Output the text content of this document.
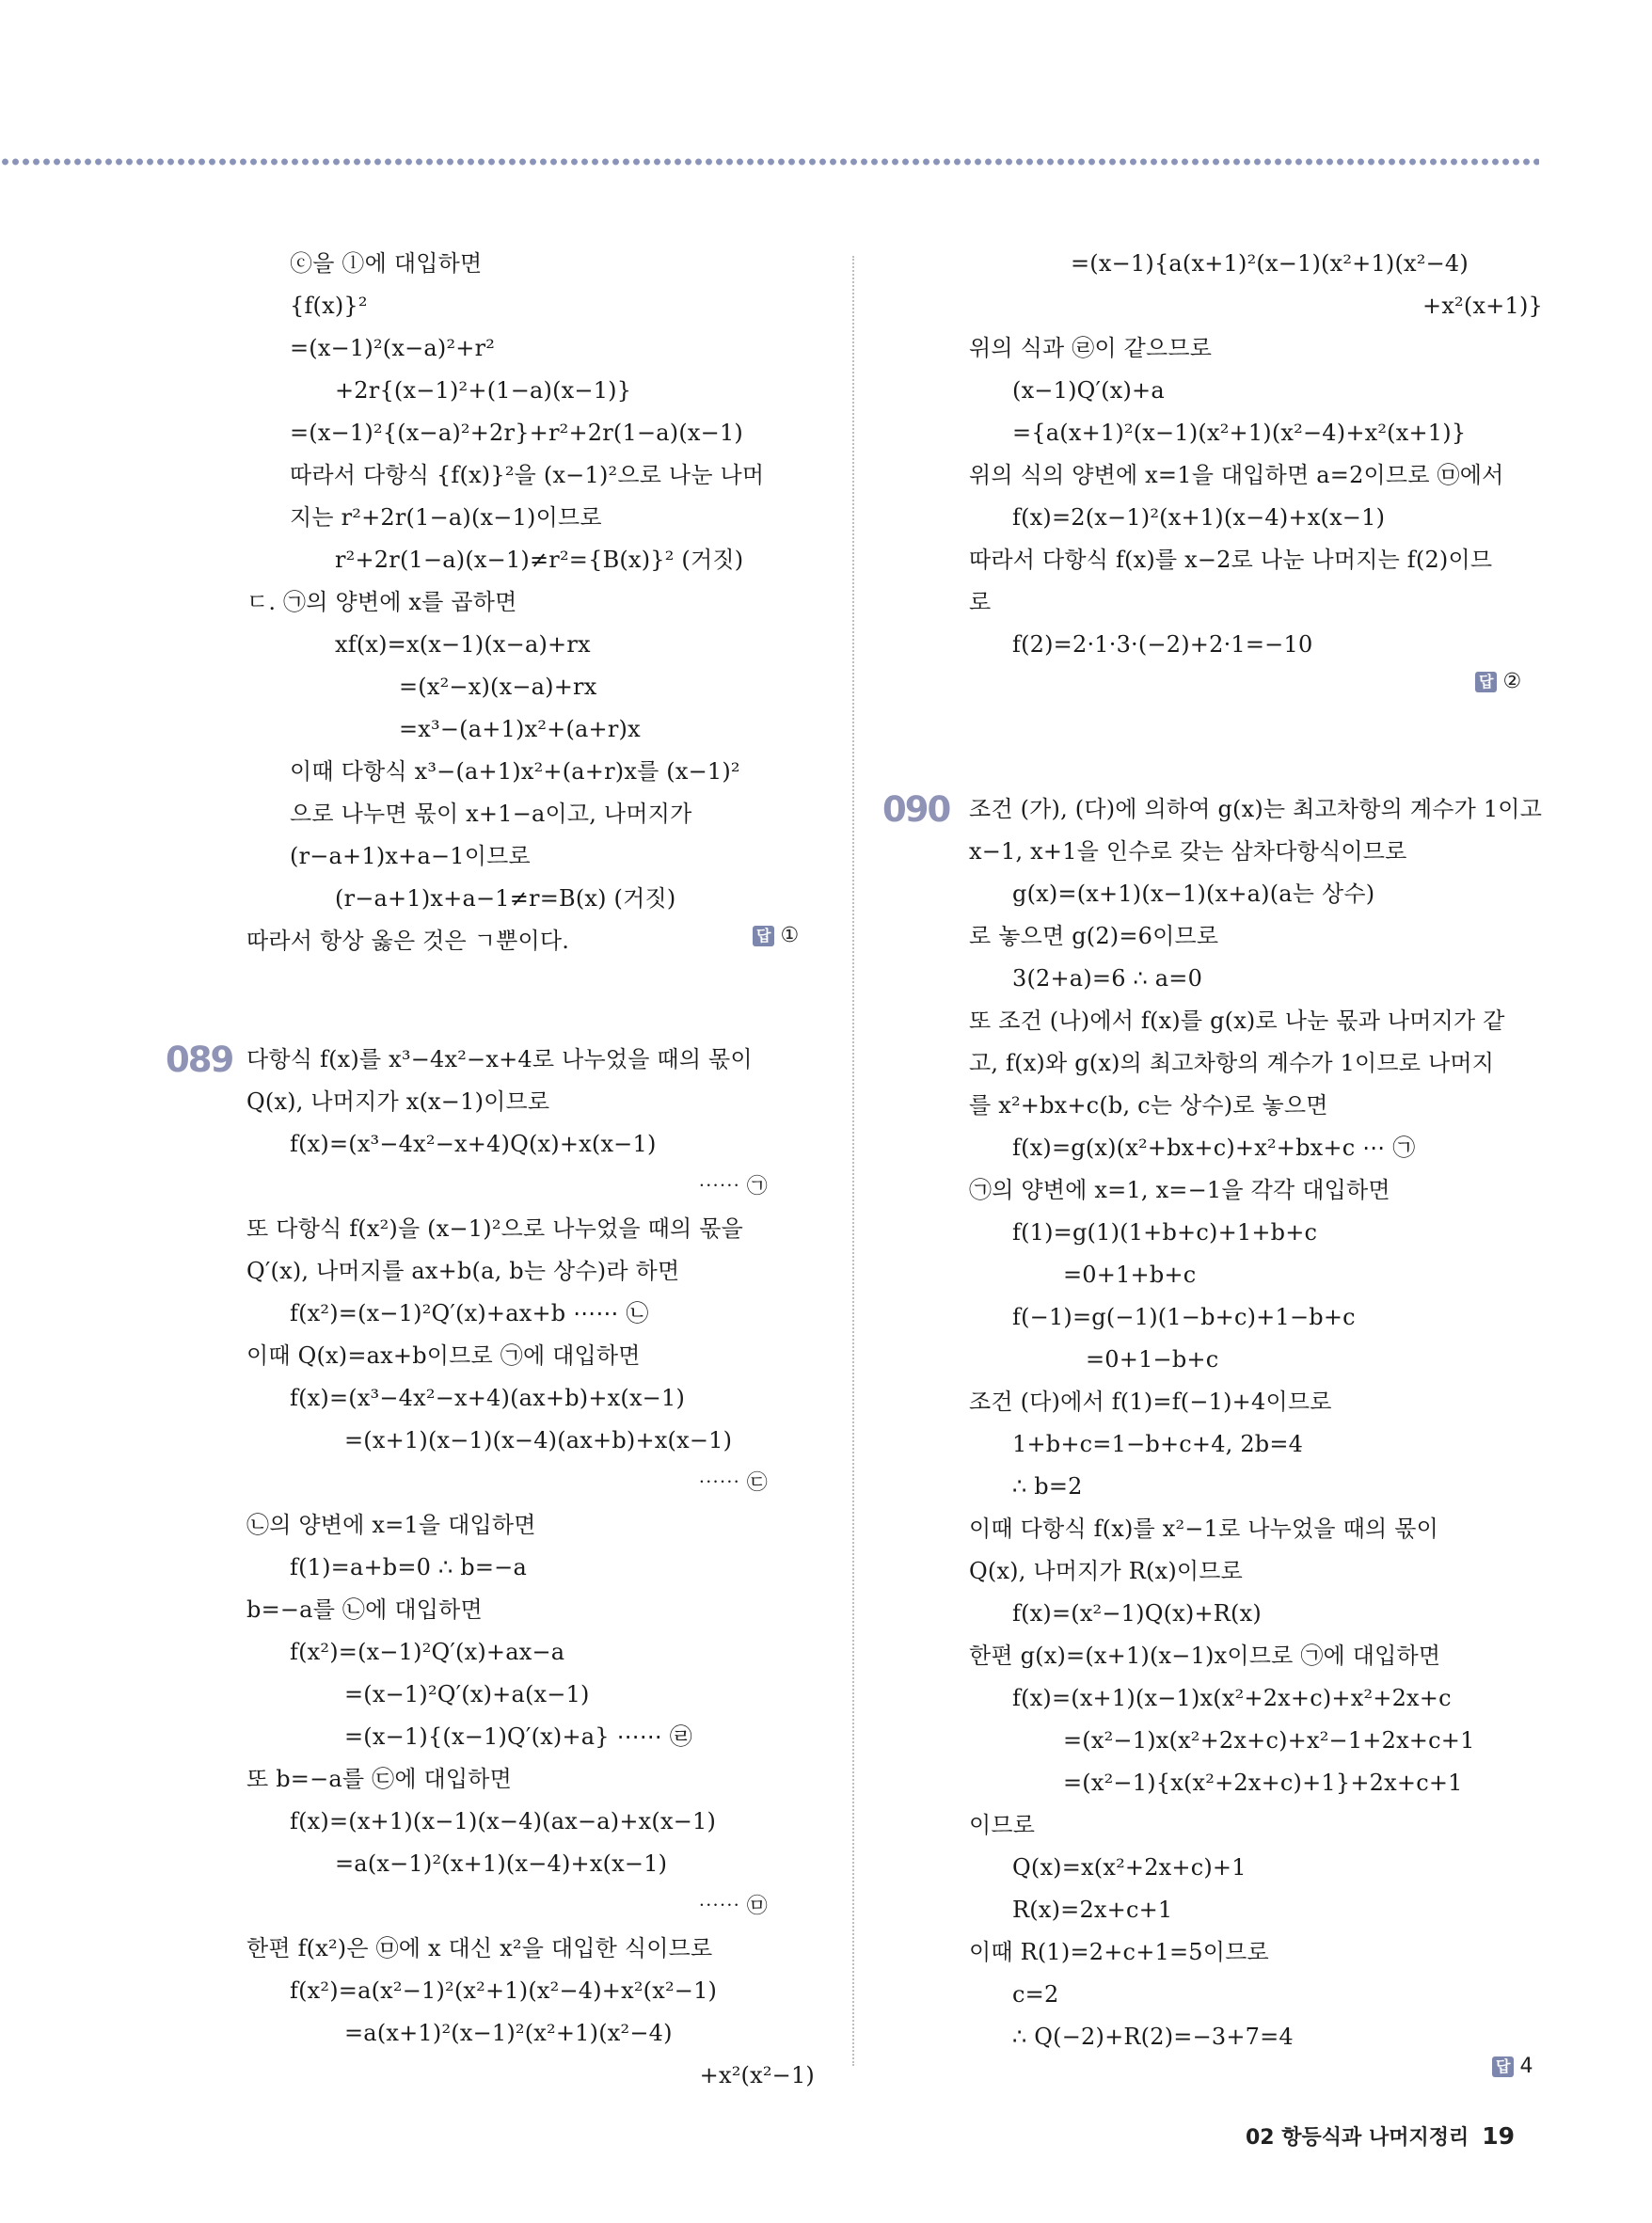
ⓒ을 ⓛ에 대입하면
{f(x)}²
=(x−1)²(x−a)²+r²
+2r{(x−1)²+(1−a)(x−1)}
=(x−1)²{(x−a)²+2r}+r²+2r(1−a)(x−1)
따라서 다항식 {f(x)}²을 (x−1)²으로 나눈 나머
지는 r²+2r(1−a)(x−1)이므로
r²+2r(1−a)(x−1)≠r²={B(x)}² (거짓)
ㄷ. ㉠의 양변에 x를 곱하면
xf(x)=x(x−1)(x−a)+rx
=(x²−x)(x−a)+rx
=x³−(a+1)x²+(a+r)x
이때 다항식 x³−(a+1)x²+(a+r)x를 (x−1)²
으로 나누면 몫이 x+1−a이고, 나머지가
(r−a+1)x+a−1이므로
(r−a+1)x+a−1≠r=B(x) (거짓)
따라서 항상 옳은 것은 ㄱ뿐이다.	답 ①
089 다항식 f(x)를 x³−4x²−x+4로 나누었을 때의 몫이
Q(x), 나머지가 x(x−1)이므로
f(x)=(x³−4x²−x+4)Q(x)+x(x−1)
⋯⋯ ㉠
또 다항식 f(x²)을 (x−1)²으로 나누었을 때의 몫을
Q′(x), 나머지를 ax+b(a, b는 상수)라 하면
f(x²)=(x−1)²Q′(x)+ax+b ⋯⋯ ㉡
이때 Q(x)=ax+b이므로 ㉠에 대입하면
f(x)=(x³−4x²−x+4)(ax+b)+x(x−1)
=(x+1)(x−1)(x−4)(ax+b)+x(x−1)
⋯⋯ ㉢
㉡의 양변에 x=1을 대입하면
f(1)=a+b=0 ∴ b=−a
b=−a를 ㉡에 대입하면
f(x²)=(x−1)²Q′(x)+ax−a
=(x−1)²Q′(x)+a(x−1)
=(x−1){(x−1)Q′(x)+a} ⋯⋯ ㉣
또 b=−a를 ㉢에 대입하면
f(x)=(x+1)(x−1)(x−4)(ax−a)+x(x−1)
=a(x−1)²(x+1)(x−4)+x(x−1)
⋯⋯ ㉤
한편 f(x²)은 ㉤에 x 대신 x²을 대입한 식이므로
f(x²)=a(x²−1)²(x²+1)(x²−4)+x²(x²−1)
=a(x+1)²(x−1)²(x²+1)(x²−4)
+x²(x²−1)
=(x−1){a(x+1)²(x−1)(x²+1)(x²−4)
+x²(x+1)}
위의 식과 ㉣이 같으므로
(x−1)Q′(x)+a
={a(x+1)²(x−1)(x²+1)(x²−4)+x²(x+1)}
위의 식의 양변에 x=1을 대입하면 a=2이므로 ㉤에서
f(x)=2(x−1)²(x+1)(x−4)+x(x−1)
따라서 다항식 f(x)를 x−2로 나눈 나머지는 f(2)이므
로
f(2)=2·1·3·(−2)+2·1=−10
답 ②
090 조건 (가), (다)에 의하여 g(x)는 최고차항의 계수가 1이고
x−1, x+1을 인수로 갖는 삼차다항식이므로
g(x)=(x+1)(x−1)(x+a)(a는 상수)
로 놓으면 g(2)=6이므로
3(2+a)=6 ∴ a=0
또 조건 (나)에서 f(x)를 g(x)로 나눈 몫과 나머지가 같
고, f(x)와 g(x)의 최고차항의 계수가 1이므로 나머지
를 x²+bx+c(b, c는 상수)로 놓으면
f(x)=g(x)(x²+bx+c)+x²+bx+c ⋯ ㉠
㉠의 양변에 x=1, x=−1을 각각 대입하면
f(1)=g(1)(1+b+c)+1+b+c
=0+1+b+c
f(−1)=g(−1)(1−b+c)+1−b+c
=0+1−b+c
조건 (다)에서 f(1)=f(−1)+4이므로
1+b+c=1−b+c+4, 2b=4
∴ b=2
이때 다항식 f(x)를 x²−1로 나누었을 때의 몫이
Q(x), 나머지가 R(x)이므로
f(x)=(x²−1)Q(x)+R(x)
한편 g(x)=(x+1)(x−1)x이므로 ㉠에 대입하면
f(x)=(x+1)(x−1)x(x²+2x+c)+x²+2x+c
=(x²−1)x(x²+2x+c)+x²−1+2x+c+1
=(x²−1){x(x²+2x+c)+1}+2x+c+1
이므로
Q(x)=x(x²+2x+c)+1
R(x)=2x+c+1
이때 R(1)=2+c+1=5이므로
c=2
∴ Q(−2)+R(2)=−3+7=4
답 4
02 항등식과 나머지정리 19
